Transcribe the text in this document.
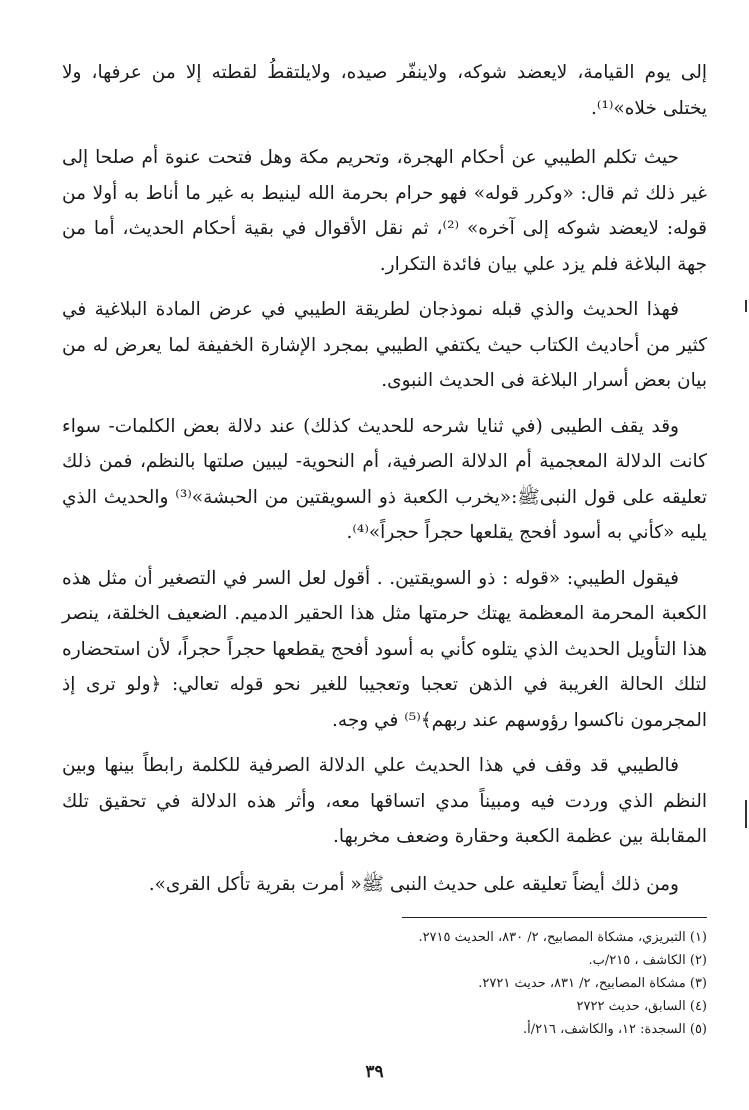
إلى يوم القيامة، لايعضد شوكه، ولاينفّر صيده، ولايلتقطُ لقطته إلا من عرفها، ولا يختلى خلاه»⁽¹⁾.

حيث تكلم الطيبي عن أحكام الهجرة، وتحريم مكة وهل فتحت عنوة أم صلحا إلى غير ذلك ثم قال: «وكرر قوله» فهو حرام بحرمة الله لينيط به غير ما أناط به أولا من قوله: لايعضد شوكه إلى آخره» ⁽²⁾، ثم نقل الأقوال في بقية أحكام الحديث، أما من جهة البلاغة فلم يزد علي بيان فائدة التكرار.

فهذا الحديث والذي قبله نموذجان لطريقة الطيبي في عرض المادة البلاغية في كثير من أحاديث الكتاب حيث يكتفي الطيبي بمجرد الإشارة الخفيفة لما يعرض له من بيان بعض أسرار البلاغة فى الحديث النبوى.

وقد يقف الطيبى (في ثنايا شرحه للحديث كذلك) عند دلالة بعض الكلمات- سواء كانت الدلالة المعجمية أم الدلالة الصرفية، أم النحوية- ليبين صلتها بالنظم، فمن ذلك تعليقه على قول النبىﷺ:«يخرب الكعبة ذو السويقتين من الحبشة»⁽³⁾ والحديث الذي يليه «كأني به أسود أفحج يقلعها حجراً حجراً»⁽⁴⁾.

فيقول الطيبي: «قوله : ذو السويقتين. . أقول لعل السر في التصغير أن مثل هذه الكعبة المحرمة المعظمة يهتك حرمتها مثل هذا الحقير الدميم. الضعيف الخلقة، ينصر هذا التأويل الحديث الذي يتلوه كأني به أسود أفحج يقطعها حجراً حجراً، لأن استحضاره لتلك الحالة الغريبة في الذهن تعجبا وتعجيبا للغير نحو قوله تعالي: ﴿ولو ترى إذ المجرمون ناكسوا رؤوسهم عند ربهم﴾⁽⁵⁾ في وجه.

فالطيبي قد وقف في هذا الحديث علي الدلالة الصرفية للكلمة رابطاً بينها وبين النظم الذي وردت فيه ومبيناً مدي اتساقها معه، وأثر هذه الدلالة في تحقيق تلك المقابلة بين عظمة الكعبة وحقارة وضعف مخربها.

ومن ذلك أيضاً تعليقه على حديث النبى ﷺ« أمرت بقرية تأكل القرى».

(١) التبريزي، مشكاة المصابيح، ٢/ ٨٣٠، الحديث ٢٧١٥.
(٢) الكاشف ، ٢١٥/ب.
(٣) مشكاة المصابيح، ٢/ ٨٣١، حديث ٢٧٢١.
(٤) السابق، حديث ٢٧٢٢
(٥) السجدة: ١٢، والكاشف، ٢١٦/أ.
٣٩
